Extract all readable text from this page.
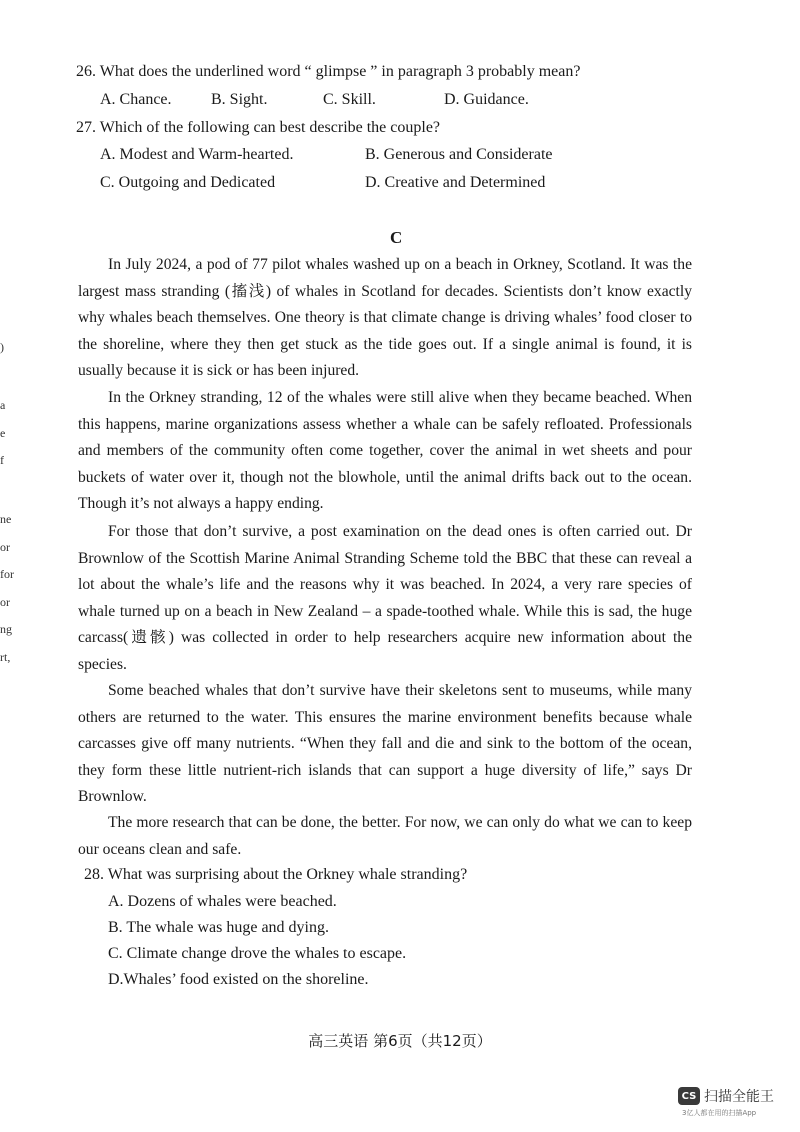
)
a
e
f
ne
or
for
or
ng
rt,
26. What does the underlined word “ glimpse ” in paragraph 3 probably mean?
A. Chance. B. Sight.	C. Skill.	D. Guidance.
27. Which of the following can best describe the couple?
A. Modest and Warm-hearted.	B. Generous and Considerate
C. Outgoing and Dedicated	D. Creative and Determined
C
In July 2024, a pod of 77 pilot whales washed up on a beach in Orkney, Scotland. It was the largest mass stranding (搐浅) of whales in Scotland for decades. Scientists don’t know exactly why whales beach themselves. One theory is that climate change is driving whales’ food closer to the shoreline, where they then get stuck as the tide goes out. If a single animal is found, it is usually because it is sick or has been injured.
In the Orkney stranding, 12 of the whales were still alive when they became beached. When this happens, marine organizations assess whether a whale can be safely refloated. Professionals and members of the community often come together, cover the animal in wet sheets and pour buckets of water over it, though not the blowhole, until the animal drifts back out to the ocean. Though it’s not always a happy ending.
For those that don’t survive, a post examination on the dead ones is often carried out. Dr Brownlow of the Scottish Marine Animal Stranding Scheme told the BBC that these can reveal a lot about the whale’s life and the reasons why it was beached. In 2024, a very rare species of whale turned up on a beach in New Zealand – a spade-toothed whale. While this is sad, the huge carcass(遗骸) was collected in order to help researchers acquire new information about the species.
Some beached whales that don’t survive have their skeletons sent to museums, while many others are returned to the water. This ensures the marine environment benefits because whale carcasses give off many nutrients. “When they fall and die and sink to the bottom of the ocean, they form these little nutrient-rich islands that can support a huge diversity of life,” says Dr Brownlow.
The more research that can be done, the better. For now, we can only do what we can to keep our oceans clean and safe.
28. What was surprising about the Orkney whale stranding?
A. Dozens of whales were beached.
B. The whale was huge and dying.
C. Climate change drove the whales to escape.
D.Whales’ food existed on the shoreline.
高三英语 第6页（共12页）
CS 扫描全能王
3亿人都在用的扫描App
